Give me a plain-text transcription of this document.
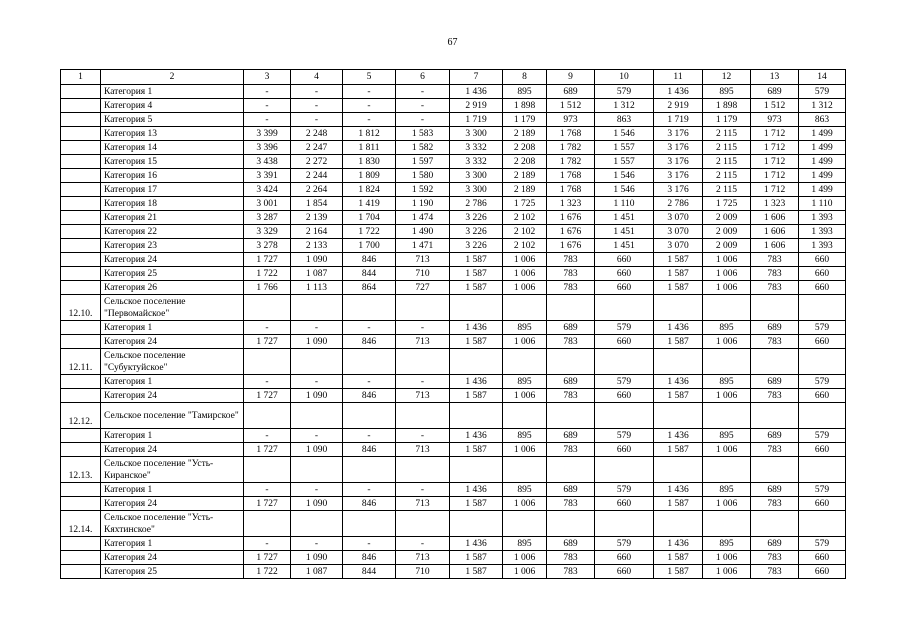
67
1	2	3	4	5	6	7	8	9	10	11	12	13	14
	Категория 1	-	-	-	-	1 436	895	689	579	1 436	895	689	579
	Категория 4	-	-	-	-	2 919	1 898	1 512	1 312	2 919	1 898	1 512	1 312
	Категория 5	-	-	-	-	1 719	1 179	973	863	1 719	1 179	973	863
	Категория 13	3 399	2 248	1 812	1 583	3 300	2 189	1 768	1 546	3 176	2 115	1 712	1 499
	Категория 14	3 396	2 247	1 811	1 582	3 332	2 208	1 782	1 557	3 176	2 115	1 712	1 499
	Категория 15	3 438	2 272	1 830	1 597	3 332	2 208	1 782	1 557	3 176	2 115	1 712	1 499
	Категория 16	3 391	2 244	1 809	1 580	3 300	2 189	1 768	1 546	3 176	2 115	1 712	1 499
	Категория 17	3 424	2 264	1 824	1 592	3 300	2 189	1 768	1 546	3 176	2 115	1 712	1 499
	Категория 18	3 001	1 854	1 419	1 190	2 786	1 725	1 323	1 110	2 786	1 725	1 323	1 110
	Категория 21	3 287	2 139	1 704	1 474	3 226	2 102	1 676	1 451	3 070	2 009	1 606	1 393
	Категория 22	3 329	2 164	1 722	1 490	3 226	2 102	1 676	1 451	3 070	2 009	1 606	1 393
	Категория 23	3 278	2 133	1 700	1 471	3 226	2 102	1 676	1 451	3 070	2 009	1 606	1 393
	Категория 24	1 727	1 090	846	713	1 587	1 006	783	660	1 587	1 006	783	660
	Категория 25	1 722	1 087	844	710	1 587	1 006	783	660	1 587	1 006	783	660
	Категория 26	1 766	1 113	864	727	1 587	1 006	783	660	1 587	1 006	783	660
12.10.	Сельское поселение "Первомайское"												
	Категория 1	-	-	-	-	1 436	895	689	579	1 436	895	689	579
	Категория 24	1 727	1 090	846	713	1 587	1 006	783	660	1 587	1 006	783	660
12.11.	Сельское поселение "Субуктуйское"												
	Категория 1	-	-	-	-	1 436	895	689	579	1 436	895	689	579
	Категория 24	1 727	1 090	846	713	1 587	1 006	783	660	1 587	1 006	783	660
12.12.	Сельское поселение "Тамирское"												
	Категория 1	-	-	-	-	1 436	895	689	579	1 436	895	689	579
	Категория 24	1 727	1 090	846	713	1 587	1 006	783	660	1 587	1 006	783	660
12.13.	Сельское поселение "Усть-Киранское"												
	Категория 1	-	-	-	-	1 436	895	689	579	1 436	895	689	579
	Категория 24	1 727	1 090	846	713	1 587	1 006	783	660	1 587	1 006	783	660
12.14.	Сельское поселение "Усть-Кяхтинское"												
	Категория 1	-	-	-	-	1 436	895	689	579	1 436	895	689	579
	Категория 24	1 727	1 090	846	713	1 587	1 006	783	660	1 587	1 006	783	660
	Категория 25	1 722	1 087	844	710	1 587	1 006	783	660	1 587	1 006	783	660
